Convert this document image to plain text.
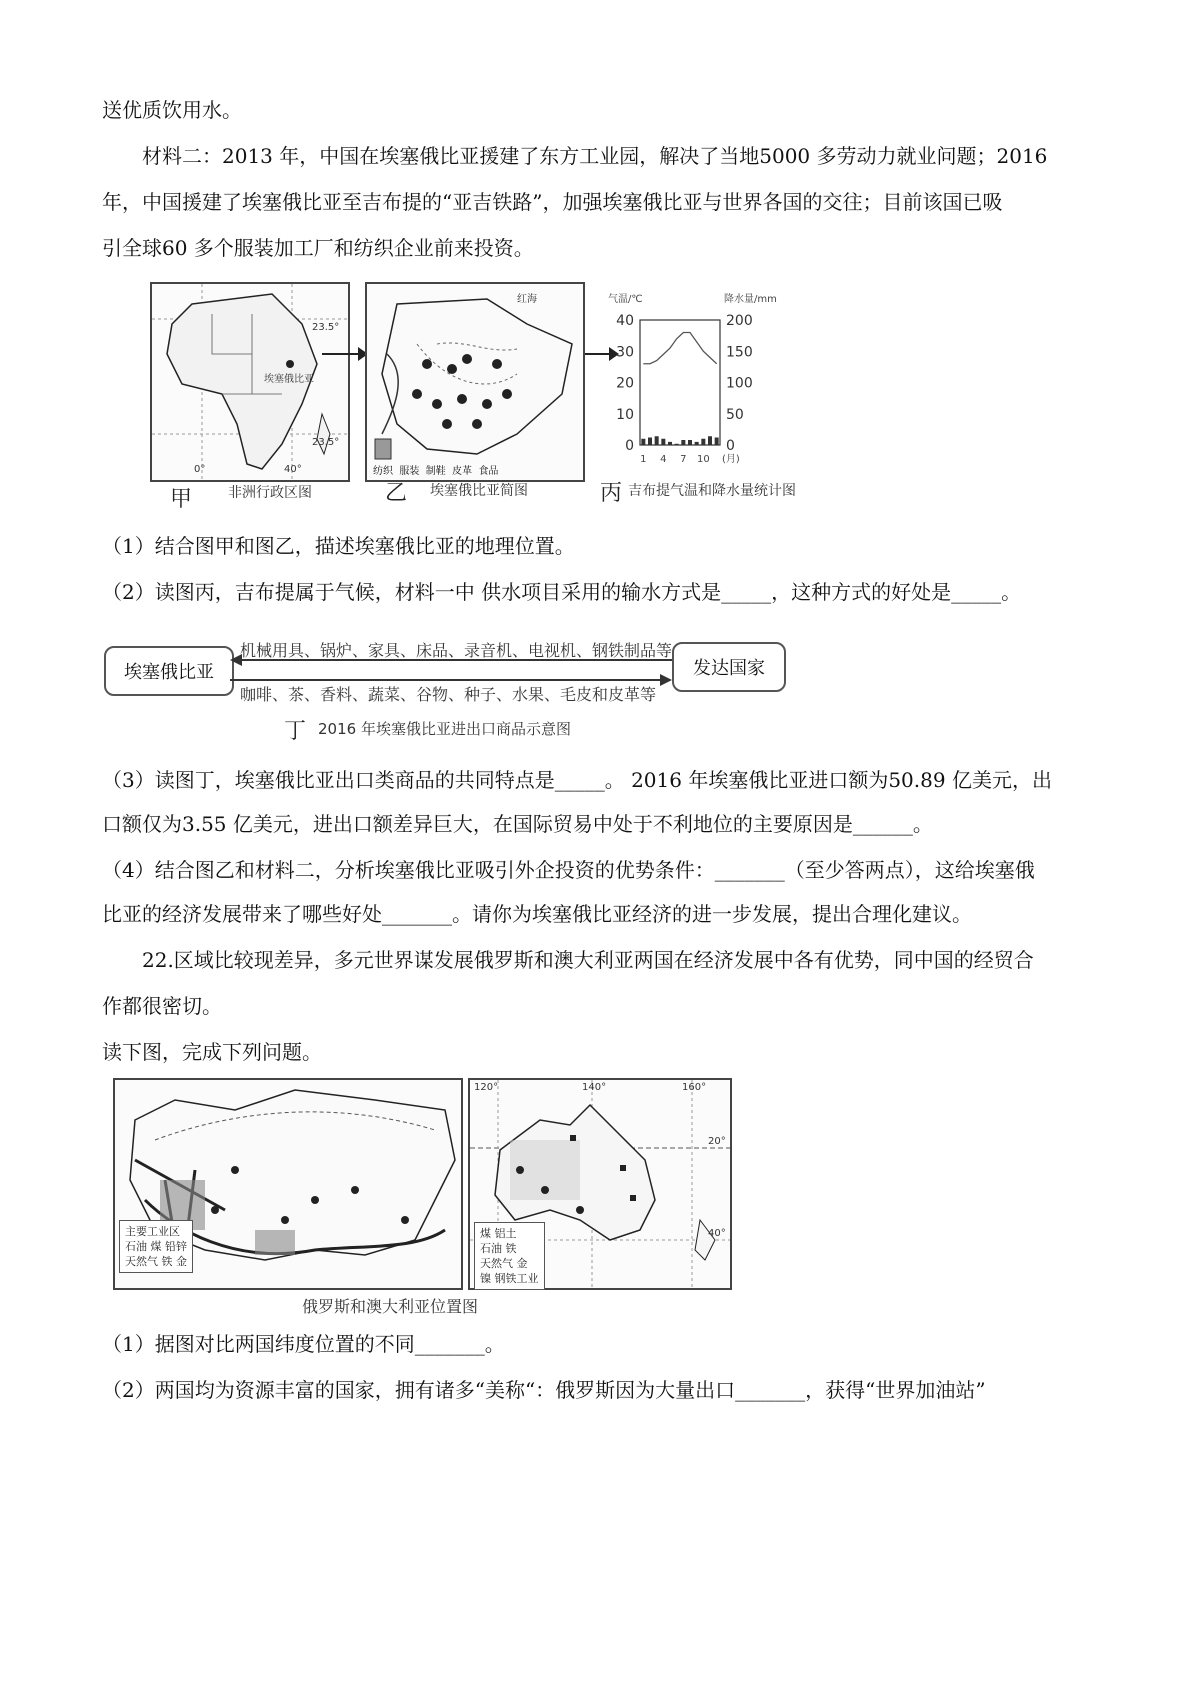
送优质饮用水。
材料二：2013 年，中国在埃塞俄比亚援建了东方工业园，解决了当地5000 多劳动力就业问题；2016
年，中国援建了埃塞俄比亚至吉布提的“亚吉铁路”，加强埃塞俄比亚与世界各国的交往；目前该国已吸
引全球60 多个服装加工厂和纺织企业前来投资。
23.5°
23.5°
0°	40°
埃塞俄比亚
甲	非洲行政区图
红海
纺织 服装 制鞋 皮革 食品
乙 埃塞俄比亚简图
气温/℃	降水量/mm
40
30
20
10
0
200
150
100
50
0
1 4 7 10 (月)
丙 吉布提气温和降水量统计图
（1）结合图甲和图乙，描述埃塞俄比亚的地理位置。
（2）读图丙，吉布提属于气候，材料一中 供水项目采用的输水方式是_____，这种方式的好处是_____。
埃塞俄比亚	发达国家
机械用具、锅炉、家具、床品、录音机、电视机、钢铁制品等
咖啡、茶、香料、蔬菜、谷物、种子、水果、毛皮和皮革等
丁 2016 年埃塞俄比亚进出口商品示意图
（3）读图丁，埃塞俄比亚出口类商品的共同特点是_____。 2016 年埃塞俄比亚进口额为50.89 亿美元，出
口额仅为3.55 亿美元，进出口额差异巨大，在国际贸易中处于不利地位的主要原因是______。
（4）结合图乙和材料二，分析埃塞俄比亚吸引外企投资的优势条件：_______（至少答两点），这给埃塞俄
比亚的经济发展带来了哪些好处_______。请你为埃塞俄比亚经济的进一步发展，提出合理化建议。
22.区域比较现差异，多元世界谋发展俄罗斯和澳大利亚两国在经济发展中各有优势，同中国的经贸合
作都很密切。
读下图，完成下列问题。
主要工业区
石油 煤 铅锌
天然气 铁 金
120°	140°	160°
20°
40°
煤 铝土
石油 铁
天然气 金
镍 钢铁工业
俄罗斯和澳大利亚位置图
（1）据图对比两国纬度位置的不同_______。
（2）两国均为资源丰富的国家，拥有诸多“美称“：俄罗斯因为大量出口_______，获得“世界加油站”
